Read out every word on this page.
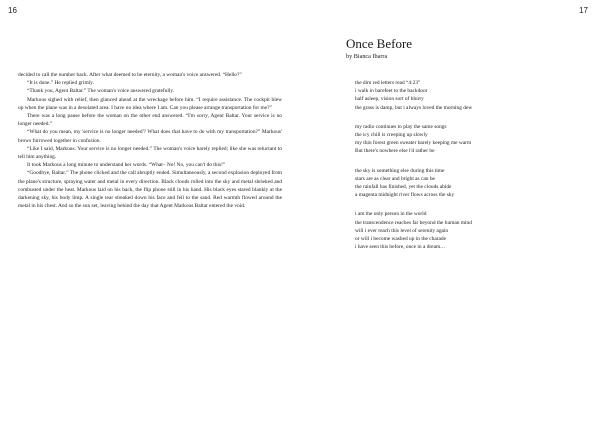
16	17

decided to call the number back. After what deemed to be eternity, a woman's voice answered. “Hello?”

“It is done.” He replied grimly.

“Thank you, Agent Baltar.” The woman's voice answered gratefully.

Markous sighed with relief, then glanced ahead at the wreckage before him. “I require assistance. The cockpit blew up when the plane was in a desolated area. I have no idea where I am. Can you please arrange transportation for me?”

There was a long pause before the woman on the other end answered. “I'm sorry, Agent Baltar. Your service is no longer needed.”

“What do you mean, my 'service is no longer needed'? What does that have to do with my transportation?” Markous' brows furrowed together in confusion.

“Like I said, Markous. Your service is no longer needed.” The woman's voice barely replied; like she was reluctant to tell him anything.

It took Markous a long minute to understand her words. “What– No! No, you can't do this!”

“Goodbye, Baltar.” The phone clicked and the call abruptly ended. Simultaneously, a second explosion deployed from the plane's structure, spraying water and metal in every direction. Black clouds rolled into the sky and metal shrieked and combusted under the heat. Markous laid on his back, the flip phone still in his hand. His black eyes stared blankly at the darkening sky, his body limp. A single tear streaked down his face and fell to the sand. Red warmth flowed around the metal in his chest. And so the sun set, leaving behind the day that Agent Markous Baltar entered the void.

Once Before
by Bianca Ibarra
the dim red letters read “4:23”
i walk in barefeet to the backdoor
half asleep, vision sort of blurry
the grass is damp, but i always loved the morning dew
my radio continues to play the same songs
the icy chill is creeping up slowly
my thin forest green sweater barely keeping me warm
But there's nowhere else i'd rather be
the sky is something else during this time
stars are as clear and bright as can be
the rainfall has finished, yet the clouds abide
a magenta midnight river flows across the sky
i am the only person in the world
the transcendence reaches far beyond the human mind
will i ever reach this level of serenity again
or will i become washed up in the charade
i have seen this before, once in a dream…
